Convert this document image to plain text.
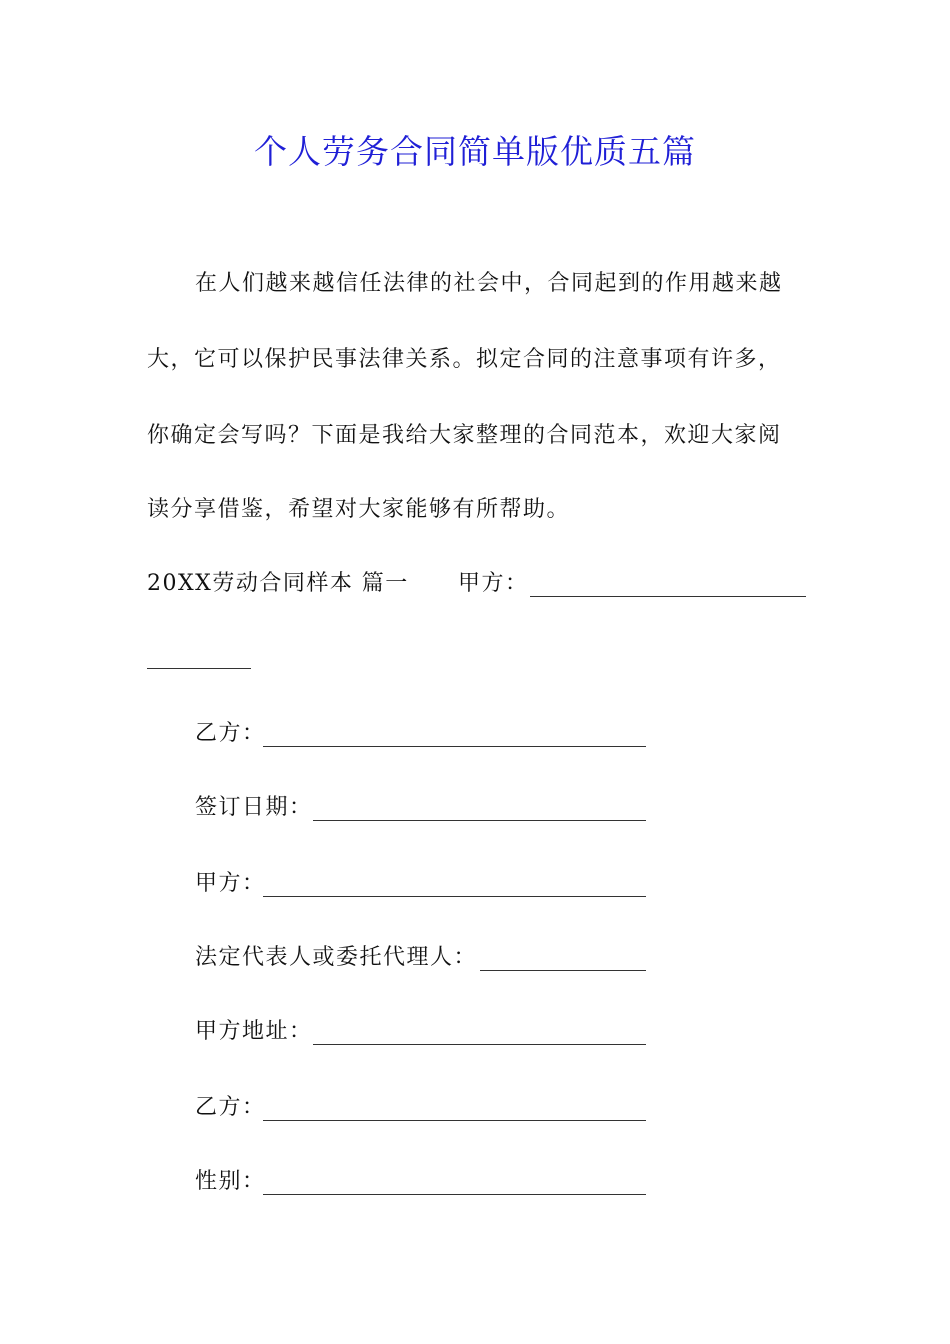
个人劳务合同简单版优质五篇
在人们越来越信任法律的社会中，合同起到的作用越来越
大，它可以保护民事法律关系。拟定合同的注意事项有许多，
你确定会写吗？下面是我给大家整理的合同范本，欢迎大家阅
读分享借鉴，希望对大家能够有所帮助。
20XX劳动合同样本 篇一 甲方：
乙方：
签订日期：
甲方：
法定代表人或委托代理人：
甲方地址：
乙方：
性别：
